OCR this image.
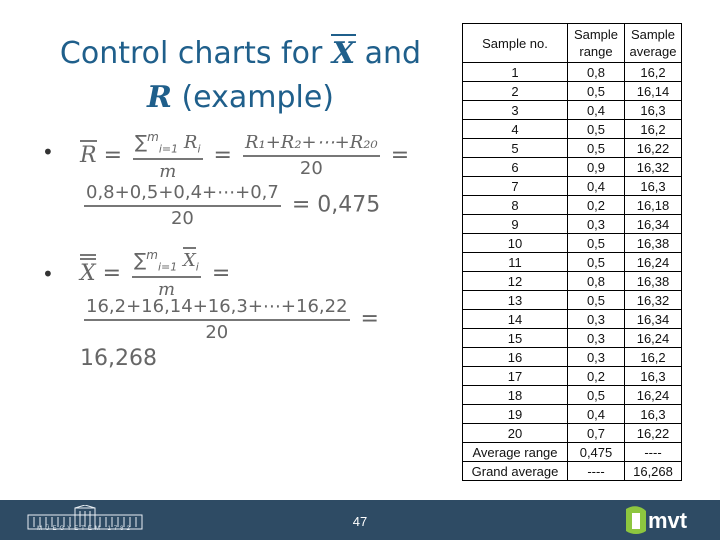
Control charts for X and
R (example)
• $R = \frac{\sum^m_{i=1} R_i}{m} = \frac{\text{R₁+R₂+⋯+R₂₀}}{20}$ =
$\frac{0,8+0,5+0,4+\cdots+0,7}{20} = 0,475$
• $X = \frac{\sum^m_{i=1} X_i}{m}$ =
$\frac{16,2+16,14+16,3+\cdots+16,22}{20}$ =
16,268
Sample no.	Sample range	Sample average
1	0,8	16,2
2	0,5	16,14
3	0,4	16,3
4	0,5	16,2
5	0,5	16,22
6	0,9	16,32
7	0,4	16,3
8	0,2	16,18
9	0,3	16,34
10	0,5	16,38
11	0,5	16,24
12	0,8	16,38
13	0,5	16,32
14	0,3	16,34
15	0,3	16,24
16	0,3	16,2
17	0,2	16,3
18	0,5	16,24
19	0,4	16,3
20	0,7	16,22
Average range	0,475	----
Grand average	----	16,268
MŰEGYETEM 1782	47	mvt
